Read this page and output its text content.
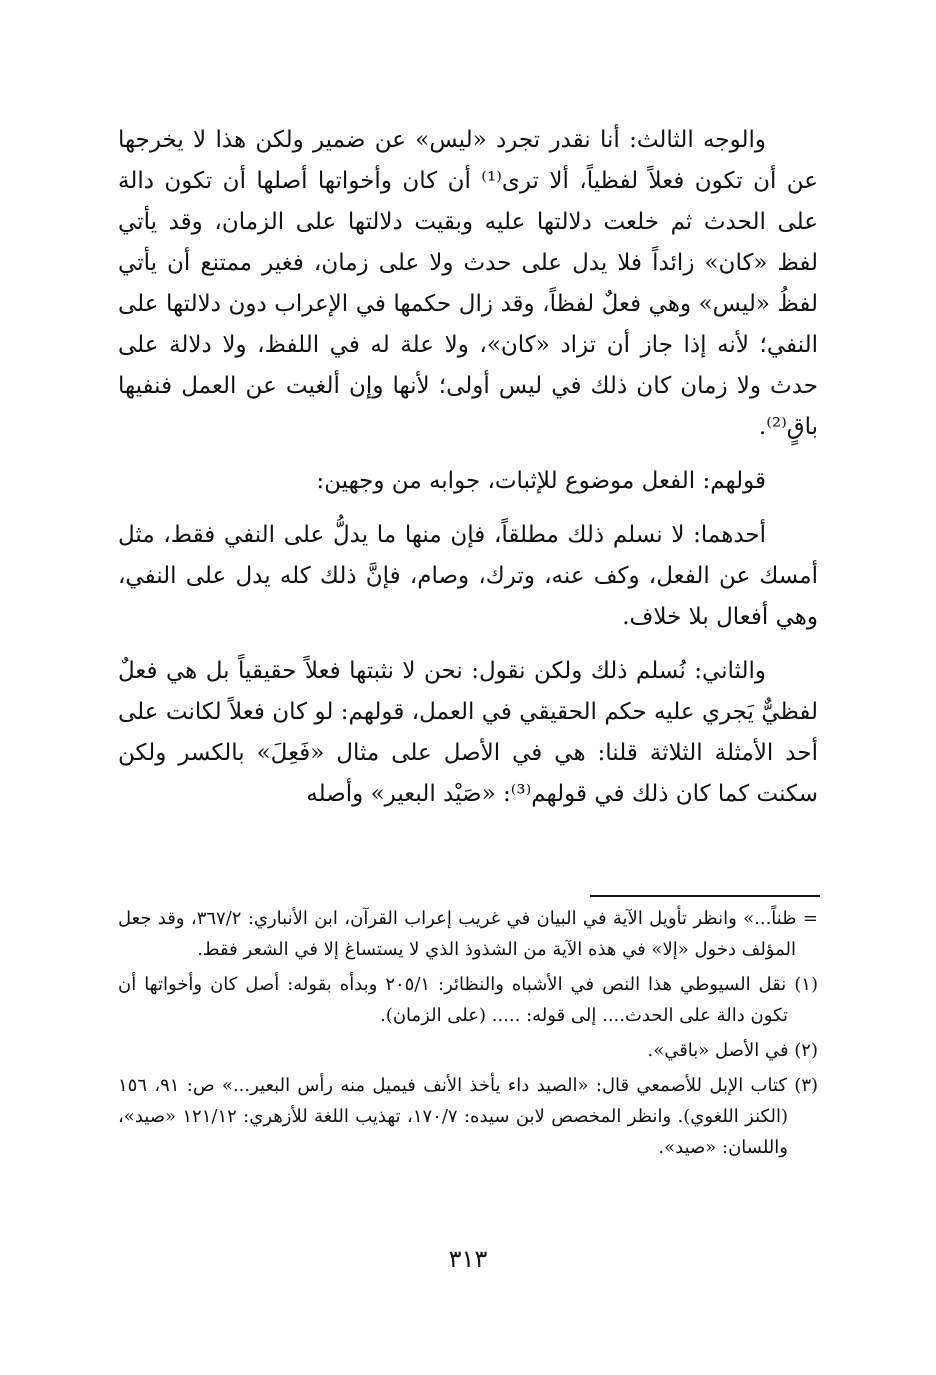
والوجه الثالث: أنا نقدر تجرد «ليس» عن ضمير ولكن هذا لا يخرجها عن أن تكون فعلاً لفظياً، ألا ترى⁽¹⁾ أن كان وأخواتها أصلها أن تكون دالة على الحدث ثم خلعت دلالتها عليه وبقيت دلالتها على الزمان، وقد يأتي لفظ «كان» زائداً فلا يدل على حدث ولا على زمان، فغير ممتنع أن يأتي لفظُ «ليس» وهي فعلٌ لفظاً، وقد زال حكمها في الإعراب دون دلالتها على النفي؛ لأنه إذا جاز أن تزاد «كان»، ولا علة له في اللفظ، ولا دلالة على حدث ولا زمان كان ذلك في ليس أولى؛ لأنها وإن ألغيت عن العمل فنفيها باقٍ⁽²⁾.

قولهم: الفعل موضوع للإثبات، جوابه من وجهين:

أحدهما: لا نسلم ذلك مطلقاً، فإن منها ما يدلُّ على النفي فقط، مثل أمسك عن الفعل، وكف عنه، وترك، وصام، فإنَّ ذلك كله يدل على النفي، وهي أفعال بلا خلاف.

والثاني: نُسلم ذلك ولكن نقول: نحن لا نثبتها فعلاً حقيقياً بل هي فعلٌ لفظيٌّ يَجري عليه حكم الحقيقي في العمل، قولهم: لو كان فعلاً لكانت على أحد الأمثلة الثلاثة قلنا: هي في الأصل على مثال «فَعِلَ» بالكسر ولكن سكنت كما كان ذلك في قولهم⁽³⁾: «صَيْد البعير» وأصله

= ظناً...» وانظر تأويل الآية في البيان في غريب إعراب القرآن، ابن الأنباري: ٣٦٧/٢، وقد جعل المؤلف دخول «إلا» في هذه الآية من الشذوذ الذي لا يستساغ إلا في الشعر فقط.

(١) نقل السيوطي هذا النص في الأشباه والنظائر: ٢٠٥/١ وبدأه بقوله: أصل كان وأخواتها أن تكون دالة على الحدث.... إلى قوله: ..... (على الزمان).

(٢) في الأصل «باقي».

(٣) كتاب الإبل للأصمعي قال: «الصيد داء يأخذ الأنف فيميل منه رأس البعير...» ص: ٩١، ١٥٦ (الكنز اللغوي). وانظر المخصص لابن سيده: ١٧٠/٧، تهذيب اللغة للأزهري: ١٢١/١٢ «صيد»، واللسان: «صيد».

٣١٣
